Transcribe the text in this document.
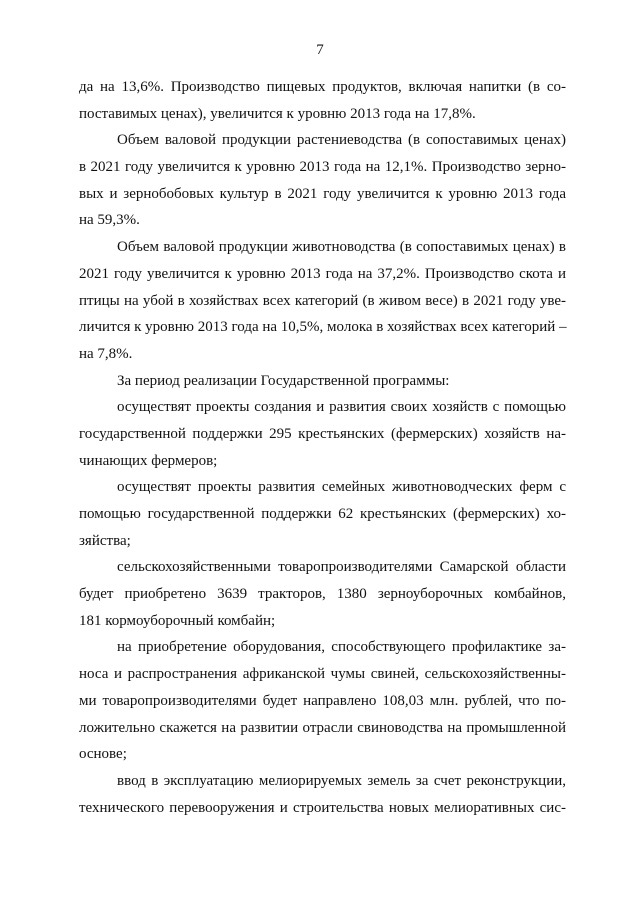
7
да на 13,6%. Производство пищевых продуктов, включая напитки (в со-
поставимых ценах), увеличится к уровню 2013 года на 17,8%.
Объем валовой продукции растениеводства (в сопоставимых ценах)
в 2021 году увеличится к уровню 2013 года на 12,1%. Производство зерно-
вых и зернобобовых культур в 2021 году увеличится к уровню 2013 года
на 59,3%.
Объем валовой продукции животноводства (в сопоставимых ценах) в
2021 году увеличится к уровню 2013 года на 37,2%. Производство скота и
птицы на убой в хозяйствах всех категорий (в живом весе) в 2021 году уве-
личится к уровню 2013 года на 10,5%, молока в хозяйствах всех категорий –
на 7,8%.
За период реализации Государственной программы:
осуществят проекты создания и развития своих хозяйств с помощью
государственной поддержки 295 крестьянских (фермерских) хозяйств на-
чинающих фермеров;
осуществят проекты развития семейных животноводческих ферм с
помощью государственной поддержки 62 крестьянских (фермерских) хо-
зяйства;
сельскохозяйственными товаропроизводителями Самарской области
будет приобретено 3639 тракторов, 1380 зерноуборочных комбайнов,
181 кормоуборочный комбайн;
на приобретение оборудования, способствующего профилактике за-
носа и распространения африканской чумы свиней, сельскохозяйственны-
ми товаропроизводителями будет направлено 108,03 млн. рублей, что по-
ложительно скажется на развитии отрасли свиноводства на промышленной
основе;
ввод в эксплуатацию мелиорируемых земель за счет реконструкции,
технического перевооружения и строительства новых мелиоративных сис-
